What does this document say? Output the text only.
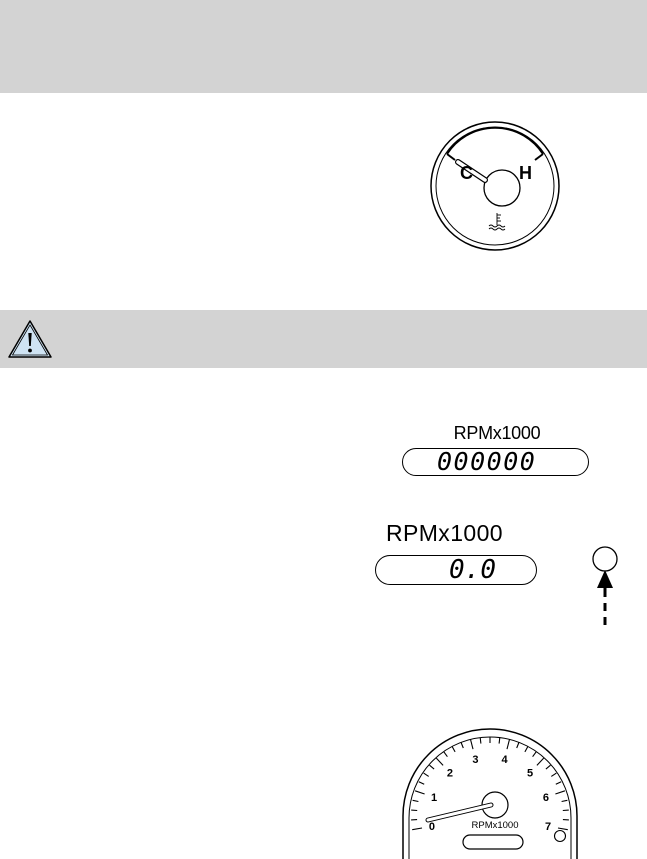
C	H
RPMx1000
000000
RPMx1000
0.0
0
1
2
3 4
5
6
7
RPMx1000
